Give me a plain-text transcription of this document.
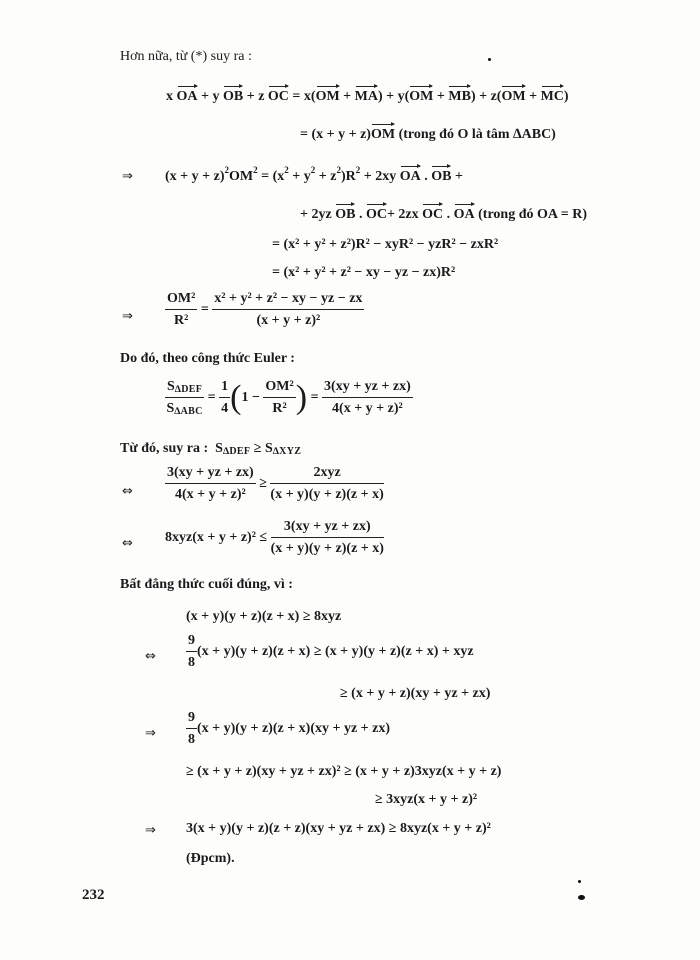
Hơn nữa, từ (*) suy ra :
x OA + y OB + z OC = x(OM + MA) + y(OM + MB) + z(OM + MC)
= (x + y + z)OM (trong đó O là tâm ∆ABC)
⇒ $(x + y + z)^2OM^2 = (x^2 + y^2 + z^2)R^2 + 2xy$ OA . OB +
+ 2yz OB . OC+ 2zx OC . OA (trong đó OA = R)
= (x² + y² + z²)R² − xyR² − yzR² − zxR²
= (x² + y² + z² − xy − yz − zx)R²
⇒ $\frac{\text{OM²}}{\text{R²}} = \frac{\text{x² + y² + z² − xy − yz − zx}}{\text{(x + y + z)²}}$
Do đó, theo công thức Euler :
$\frac{S_{\Delta DEF}}{S_{\Delta ABC}} = \frac{1}{4} (1 - \frac{\text{OM²}}{\text{R²}}$ ) = $\frac{3(xy + yz + zx)}{\text{4(x + y + z)²}}$
Từ đó, suy ra : $S_{\Delta DEF} \ge S_{\Delta XYZ}$
⇔ $\frac{3(xy + yz + zx)}{\text{4(x + y + z)²}} \ge \frac{\text{2xyz}}{(x + y)(y + z)(z + x)}$
⇔ $8xyz(x + y + z)^2 \le \frac{3(xy + yz + zx)}{(x + y)(y + z)(z + x)}$
Bất đẳng thức cuối đúng, vì :
(x + y)(y + z)(z + x) ≥ 8xyz
⇔ $\frac{9}{8} (x + y)(y + z)(z + x) \ge (x + y)(y + z)(z + x)$ + xyz
≥ (x + y + z)(xy + yz + zx)
⇒ $\frac{9}{8} (x + y)(y + z)(z + x)(xy$ + yz + zx)
≥ (x + y + z)(xy + yz + zx)² ≥ (x + y + z)3xyz(x + y + z)
≥ 3xyz(x + y + z)²
⇒ 3(x + y)(y + z)(z + z)(xy + yz + zx) ≥ 8xyz(x + y + z)²
(Đpcm).
232
